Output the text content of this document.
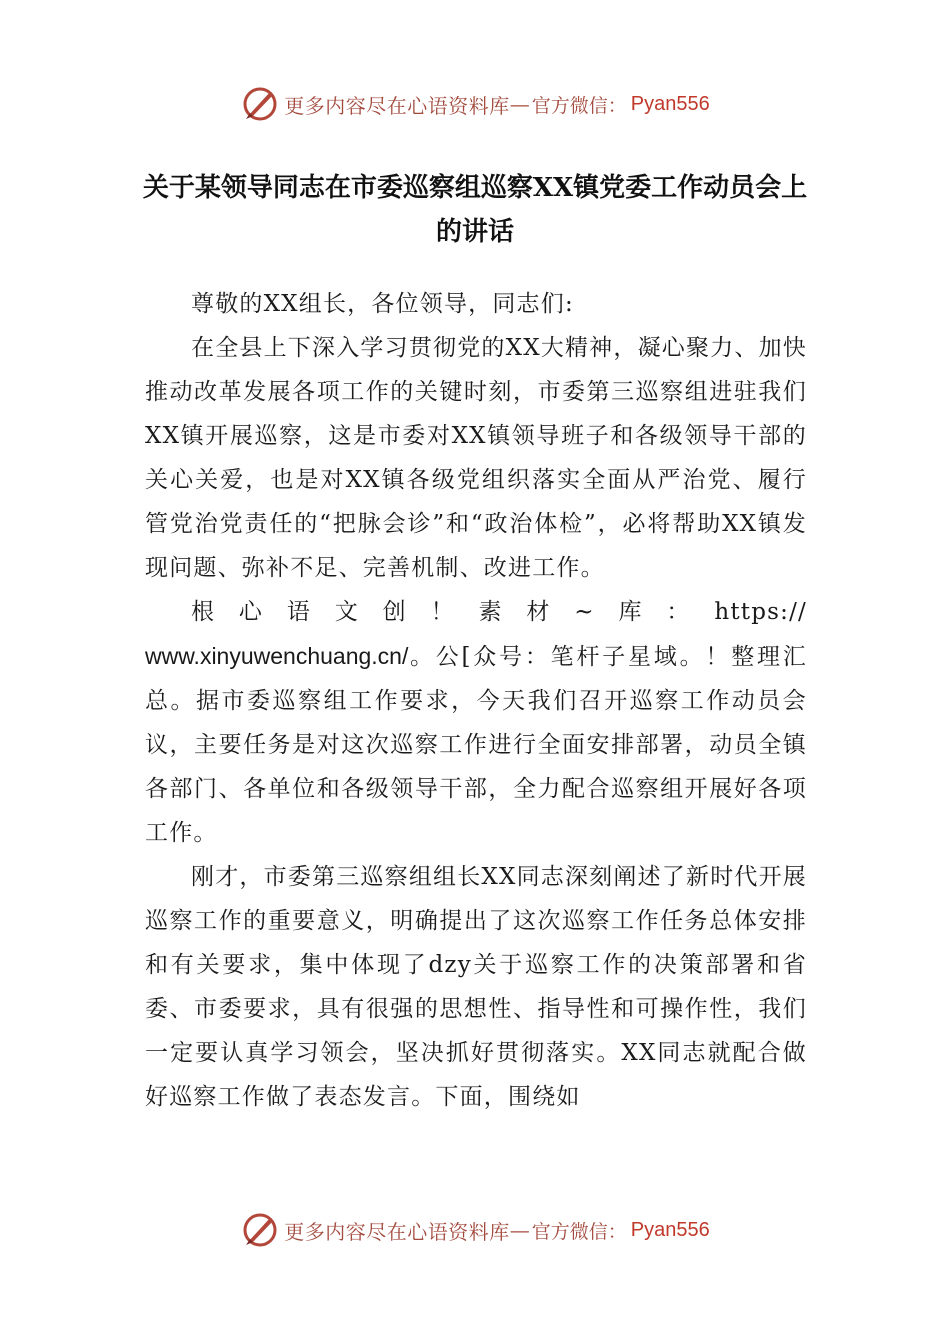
更多内容尽在心语资料库 — 官方微信： Pyan556
关于某领导同志在市委巡察组巡察XX镇党委工作动员会上
的讲话

尊敬的XX组长，各位领导，同志们:

在全县上下深入学习贯彻党的XX大精神，凝心聚力、加快推动改革发展各项工作的关键时刻，市委第三巡察组进驻我们XX镇开展巡察，这是市委对XX镇领导班子和各级领导干部的关心关爱，也是对XX镇各级党组织落实全面从严治党、履行管党治党责任的“把脉会诊”和“政治体检”，必将帮助XX镇发现问题、弥补不足、完善机制、改进工作。

根心语文创！素材~库：https://

www.xinyuwenchuang.cn/。公[众号：笔杆子星域。！整理汇总。据市委巡察组工作要求，今天我们召开巡察工作动员会议，主要任务是对这次巡察工作进行全面安排部署，动员全镇各部门、各单位和各级领导干部，全力配合巡察组开展好各项工作。

刚才，市委第三巡察组组长XX同志深刻阐述了新时代开展巡察工作的重要意义，明确提出了这次巡察工作任务总体安排和有关要求，集中体现了dzy关于巡察工作的决策部署和省委、市委要求，具有很强的思想性、指导性和可操作性，我们一定要认真学习领会，坚决抓好贯彻落实。XX同志就配合做好巡察工作做了表态发言。下面，围绕如

更多内容尽在心语资料库 — 官方微信： Pyan556
